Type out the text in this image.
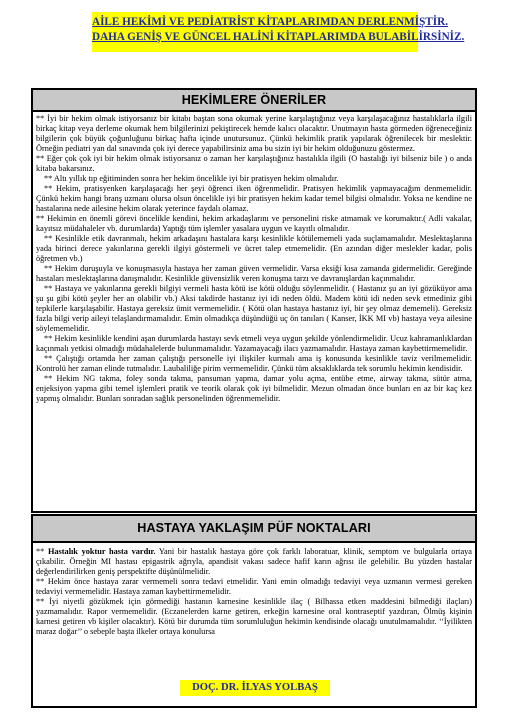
AİLE HEKİMİ VE PEDİATRİST KİTAPLARIMDAN DERLENMİŞTİR.
DAHA GENİŞ VE GÜNCEL HALİNİ KİTAPLARIMDA BULABİLİRSİNİZ.
HEKİMLERE ÖNERİLER

** İyi bir hekim olmak istiyorsanız bir kitabı baştan sona okumak yerine karşılaştığınız veya karşılaşacağınız hastalıklarla ilgili birkaç kitap veya derleme okumak hem bilgilerinizi pekiştirecek hemde kalıcı olacaktır. Unutmayın hasta görmeden öğreneceğiniz bilgilerin çok büyük çoğunluğunu birkaç hafta içinde unutursunuz. Çünkü hekimlik pratik yapılarak öğrenilecek bir meslektir. Örneğin pediatri yan dal sınavında çok iyi derece yapabilirsiniz ama bu sizin iyi bir hekim olduğunuzu göstermez.

** Eğer çok çok iyi bir hekim olmak istiyorsanız o zaman her karşılaştığınız hastalıkla ilgili (O hastalığı iyi bilseniz bile ) o anda kitaba bakarsınız.

** Altı yıllık tıp eğitiminden sonra her hekim öncelikle iyi bir pratisyen hekim olmalıdır.

** Hekim, pratisyenken karşılaşacağı her şeyi öğrenci iken öğrenmelidir. Pratisyen hekimlik yapmayacağım denmemelidir. Çünkü hekim hangi branş uzmanı olursa olsun öncelikle iyi bir pratisyen hekim kadar temel bilgisi olmalıdır. Yoksa ne kendine ne hastalarına nede ailesine hekim olarak yeterince faydalı olamaz.

** Hekimin en önemli görevi öncelikle kendini, hekim arkadaşlarını ve personelini riske atmamak ve korumaktır.( Adli vakalar, kayıtsız müdahaleler vb. durumlarda) Yaptığı tüm işlemler yasalara uygun ve kayıtlı olmalıdır.

** Kesinlikle etik davranmalı, hekim arkadaşını hastalara karşı kesinlikle kötülememeli yada suçlamamalıdır. Meslektaşlarına yada birinci derece yakınlarına gerekli ilgiyi göstermeli ve ücret talep etmemelidir. (En azından diğer meslekler kadar, polis öğretmen vb.)

** Hekim duruşuyla ve konuşmasıyla hastaya her zaman güven vermelidir. Varsa eksiği kısa zamanda gidermelidir. Gereğinde hastaları meslektaşlarına danışmalıdır. Kesinlikle güvensizlik veren konuşma tarzı ve davranışlardan kaçınmalıdır.

** Hastaya ve yakınlarına gerekli bilgiyi vermeli hasta kötü ise kötü olduğu söylenmelidir. ( Hastanız şu an iyi gözüküyor ama şu şu gibi kötü şeyler her an olabilir vb.) Aksi takdirde hastanız iyi idi neden öldü. Madem kötü idi neden sevk etmediniz gibi tepkilerle karşılaşabilir. Hastaya gereksiz ümit vermemelidir. ( Kötü olan hastaya hastanız iyi, bir şey olmaz dememeli). Gereksiz fazla bilgi verip aileyi telaşlandırmamalıdır. Emin olmadıkça düşündüğü uç ön tanıları ( Kanser, İKK MI vb) hastaya veya ailesine söylememelidir.

** Hekim kesinlikle kendini aşan durumlarda hastayı sevk etmeli veya uygun şekilde yönlendirmelidir. Ucuz kahramanlıklardan kaçınmalı yetkisi olmadığı müdahalelerde bulunmamalıdır. Yazamayacağı ilacı yazmamalıdır. Hastaya zaman kaybettirmemelidir.

** Çalıştığı ortamda her zaman çalıştığı personelle iyi ilişkiler kurmalı ama iş konusunda kesinlikle taviz verilmemelidir. Kontrolü her zaman elinde tutmalıdır. Laubaliliğe pirim vermemelidir. Çünkü tüm aksaklıklarda tek sorumlu hekimin kendisidir.

** Hekim NG takma, foley sonda takma, pansuman yapma, damar yolu açma, entübe etme, airway takma, sütür atma, enjeksiyon yapma gibi temel işlemleri pratik ve teorik olarak çok iyi bilmelidir. Mezun olmadan önce bunları en az bir kaç kez yapmış olmalıdır. Bunları sonradan sağlık personelinden öğrenmemelidir.

HASTAYA YAKLAŞIM PÜF NOKTALARI

** Hastalık yoktur hasta vardır. Yani bir hastalık hastaya göre çok farklı laboratuar, klinik, semptom ve bulgularla ortaya çıkabilir. Örneğin MI hastası epigastrik ağrıyla, apandisit vakası sadece hafif karın ağrısı ile gelebilir. Bu yüzden hastalar değerlendirilirken geniş perspektifte düşünülmelidir.

** Hekim önce hastaya zarar vermemeli sonra tedavi etmelidir. Yani emin olmadığı tedaviyi veya uzmanın vermesi gereken tedaviyi vermemelidir. Hastaya zaman kaybettirmemelidir.

** İyi niyetli gözükmek için görmediği hastanın karnesine kesinlikle ilaç ( Bilhassa etken maddesini bilmediği ilaçları) yazmamalıdır. Rapor vermemelidir. (Eczanelerden karne getiren, erkeğin karnesine oral kontraseptif yazdıran, Ölmüş kişinin karnesi getiren vb kişiler olacaktır). Kötü bir durumda tüm sorumluluğun hekimin kendisinde olacağı unutulmamalıdır. ‘‘İyilikten maraz doğar’’ o sebeple başta ilkeler ortaya konulursa

DOÇ. DR. İLYAS YOLBAŞ
